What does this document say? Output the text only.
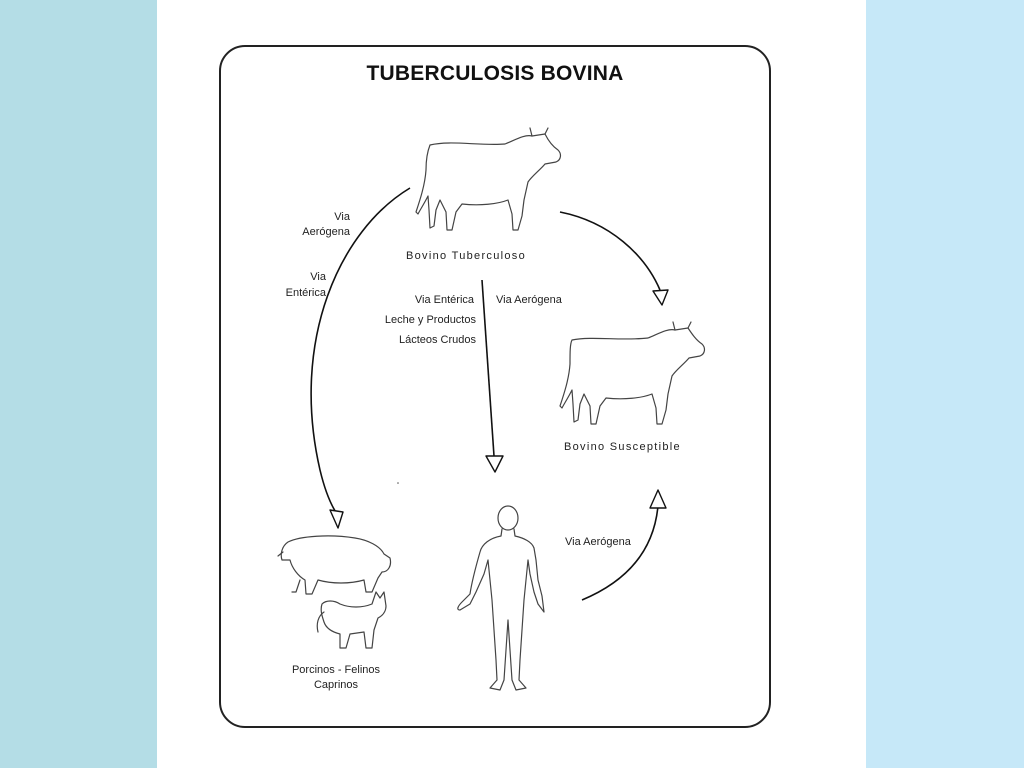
TUBERCULOSIS BOVINA
Bovino Tuberculoso
Bovino Susceptible
Porcinos - Felinos
Caprinos
Via
Aerógena
Via
Entérica
Via Entérica
Leche y Productos
Lácteos Crudos
Via Aerógena
Via Aerógena
